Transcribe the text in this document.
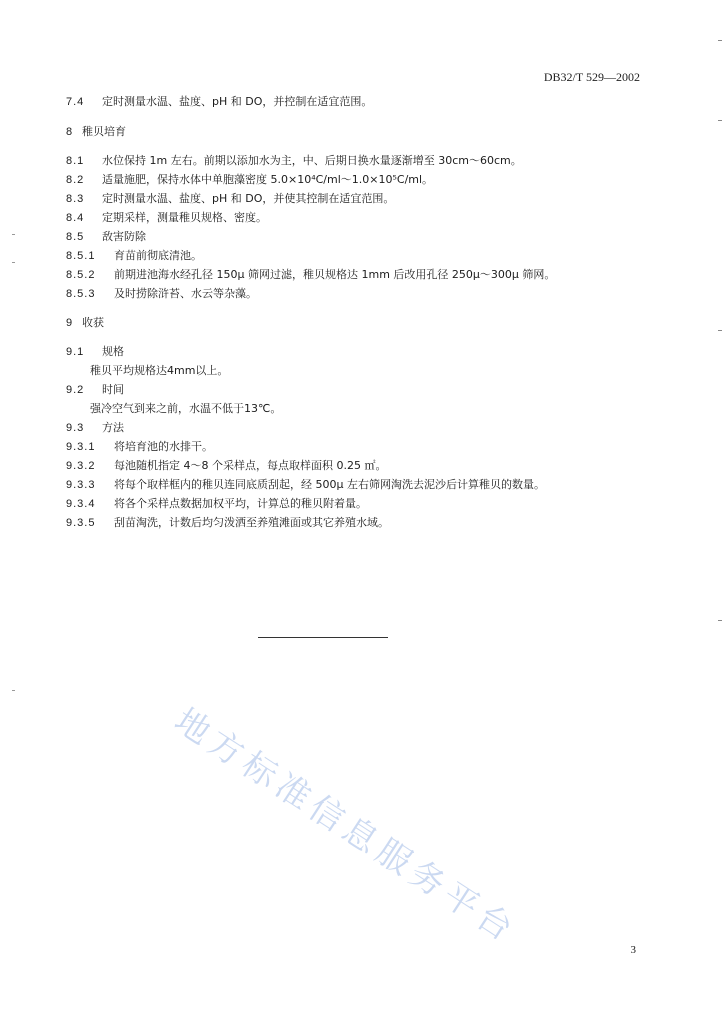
DB32/T 529—2002
7.4 定时测量水温、盐度、pH 和 DO，并控制在适宜范围。
8 稚贝培育
8.1 水位保持 1m 左右。前期以添加水为主，中、后期日换水量逐渐增至 30cm～60cm。
8.2 适量施肥，保持水体中单胞藻密度 5.0×10⁴C/ml～1.0×10⁵C/ml。
8.3 定时测量水温、盐度、pH 和 DO，并使其控制在适宜范围。
8.4 定期采样，测量稚贝规格、密度。
8.5 敌害防除
8.5.1 育苗前彻底清池。
8.5.2 前期进池海水经孔径 150μ 筛网过滤，稚贝规格达 1mm 后改用孔径 250μ～300μ 筛网。
8.5.3 及时捞除浒苔、水云等杂藻。
9 收获
9.1 规格
稚贝平均规格达4mm以上。
9.2 时间
强冷空气到来之前，水温不低于13℃。
9.3 方法
9.3.1 将培育池的水排干。
9.3.2 每池随机指定 4～8 个采样点，每点取样面积 0.25 ㎡。
9.3.3 将每个取样框内的稚贝连同底质刮起，经 500μ 左右筛网淘洗去泥沙后计算稚贝的数量。
9.3.4 将各个采样点数据加权平均，计算总的稚贝附着量。
9.3.5 刮苗淘洗，计数后均匀泼洒至养殖滩面或其它养殖水域。
地方标准信息服务平台	3
